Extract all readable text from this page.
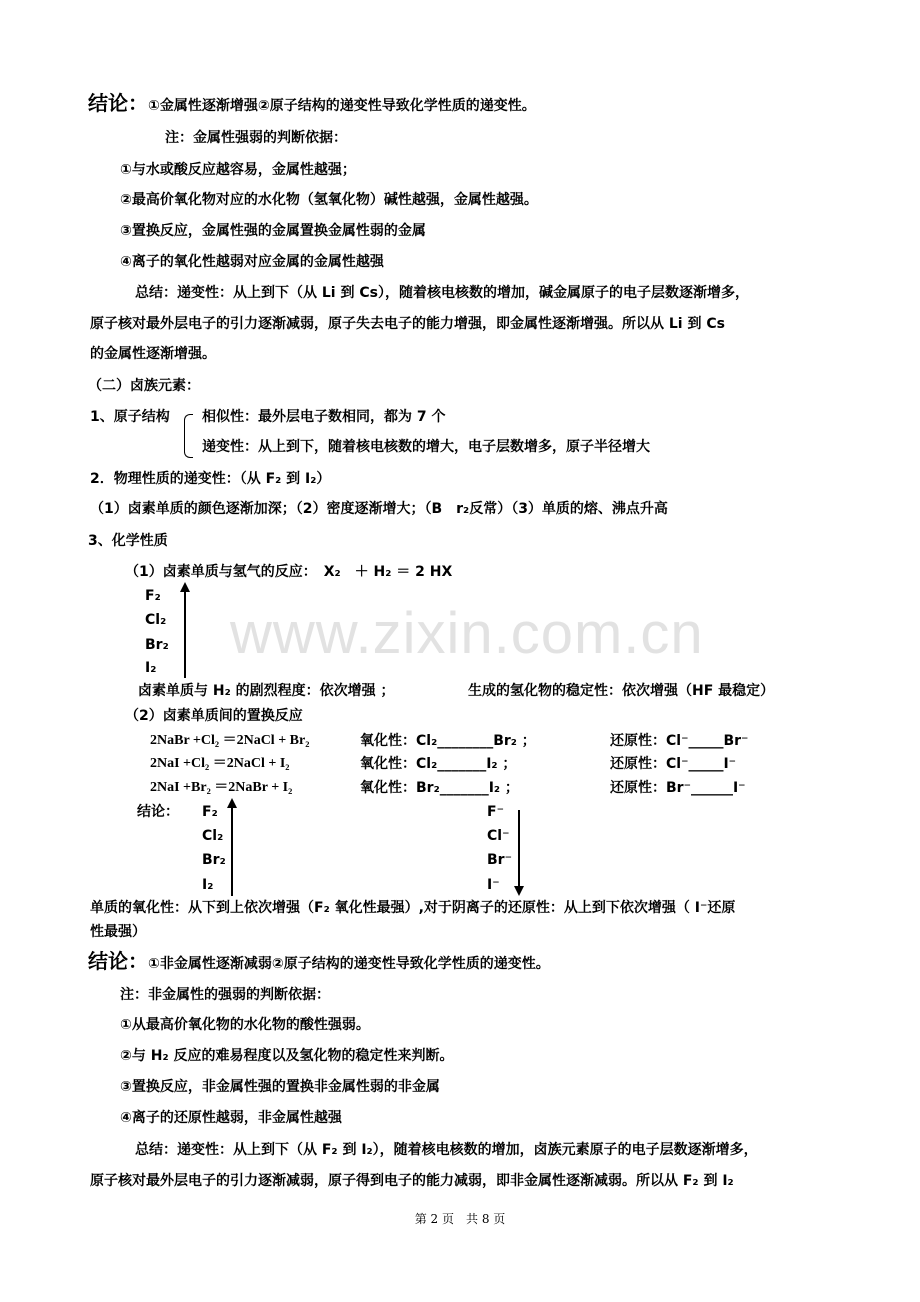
www.zixin.com.cn
结论：①金属性逐渐增强②原子结构的递变性导致化学性质的递变性。
注：金属性强弱的判断依据：
①与水或酸反应越容易，金属性越强；
②最高价氧化物对应的水化物（氢氧化物）碱性越强，金属性越强。
③置换反应，金属性强的金属置换金属性弱的金属
④离子的氧化性越弱对应金属的金属性越强
总结：递变性：从上到下（从 Li 到 Cs），随着核电核数的增加，碱金属原子的电子层数逐渐增多，
原子核对最外层电子的引力逐渐减弱，原子失去电子的能力增强，即金属性逐渐增强。所以从 Li 到 Cs
的金属性逐渐增强。
（二）卤族元素：
1、原子结构 相似性：最外层电子数相同，都为 7 个
递变性：从上到下，随着核电核数的增大，电子层数增多，原子半径增大
2．物理性质的递变性：（从 F₂ 到 I₂）
（1）卤素单质的颜色逐渐加深；（2）密度逐渐增大；（B　r₂反常）（3）单质的熔、沸点升高
3、化学性质
（1）卤素单质与氢气的反应：　X₂　＋ H₂ ＝ 2 HX
F₂
Cl₂
Br₂
I₂
卤素单质与 H₂ 的剧烈程度：依次增强 ；	生成的氢化物的稳定性：依次增强（HF 最稳定）
（2）卤素单质间的置换反应
2NaBr +Cl₂ ＝2NaCl + Br₂	氧化性：Cl₂________Br₂ ；	还原性：Cl⁻_____Br⁻
2NaI +Cl₂ ＝2NaCl + I₂	氧化性：Cl₂_______I₂ ；	还原性：Cl⁻_____I⁻
2NaI +Br₂ ＝2NaBr + I₂	氧化性：Br₂_______I₂ ；	还原性：Br⁻______I⁻
结论： F₂
Cl₂
Br₂
I₂
F⁻
Cl⁻
Br⁻
I⁻
单质的氧化性：从下到上依次增强（F₂ 氧化性最强）,对于阴离子的还原性：从上到下依次增强（ I⁻还原
性最强）
结论：①非金属性逐渐减弱②原子结构的递变性导致化学性质的递变性。
注：非金属性的强弱的判断依据：
①从最高价氧化物的水化物的酸性强弱。
②与 H₂ 反应的难易程度以及氢化物的稳定性来判断。
③置换反应，非金属性强的置换非金属性弱的非金属
④离子的还原性越弱，非金属性越强
总结：递变性：从上到下（从 F₂ 到 I₂），随着核电核数的增加，卤族元素原子的电子层数逐渐增多，
原子核对最外层电子的引力逐渐减弱，原子得到电子的能力减弱，即非金属性逐渐减弱。所以从 F₂ 到 I₂
第 2 页　共 8 页
